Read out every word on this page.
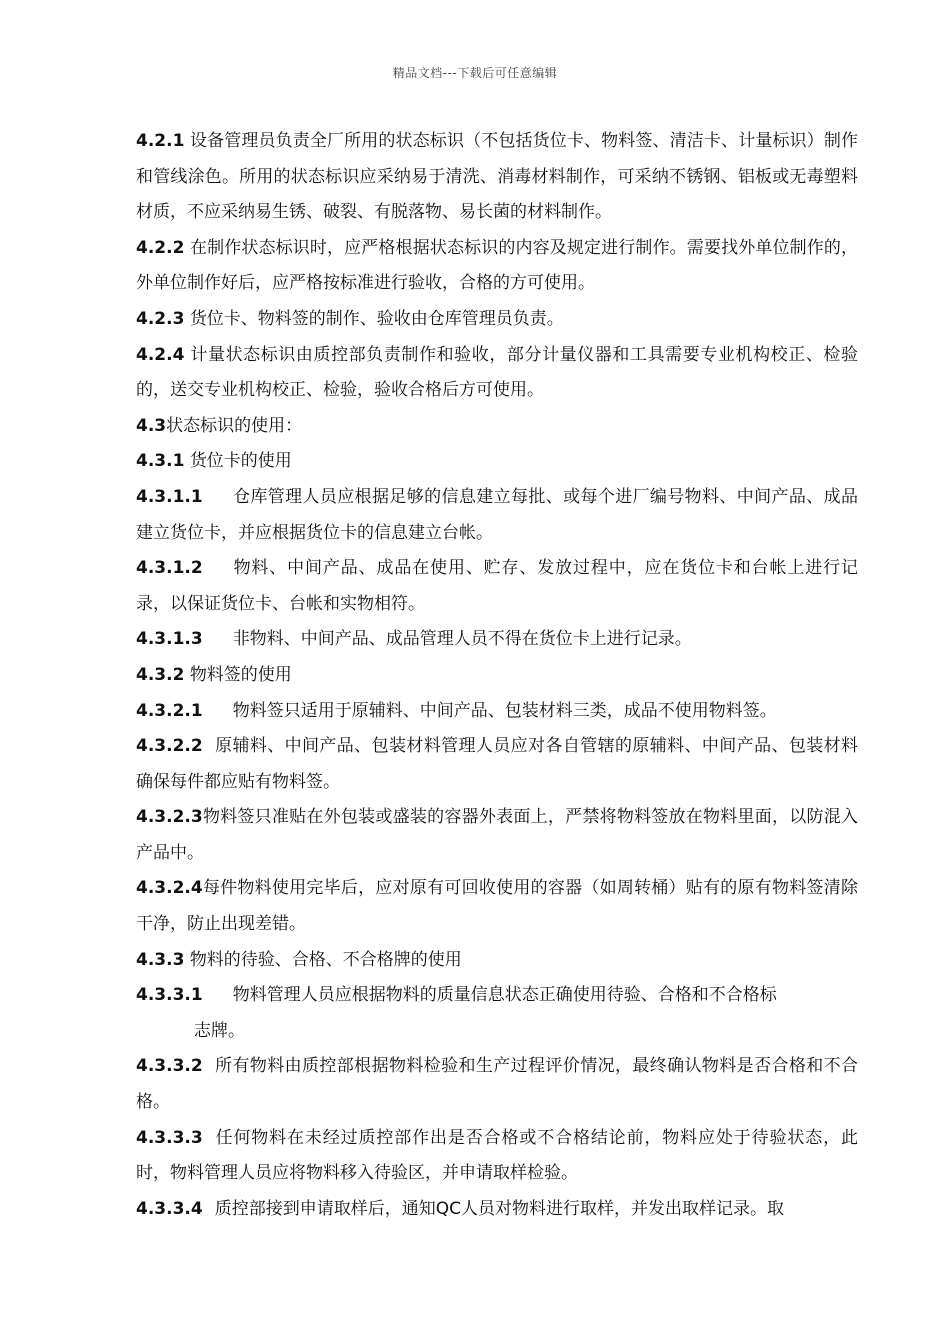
精品文档---下载后可任意编辑

4.2.1 设备管理员负责全厂所用的状态标识（不包括货位卡、物料签、清洁卡、计量标识）制作和管线涂色。所用的状态标识应采纳易于清洗、消毒材料制作，可采纳不锈钢、铝板或无毒塑料材质，不应采纳易生锈、破裂、有脱落物、易长菌的材料制作。

4.2.2 在制作状态标识时，应严格根据状态标识的内容及规定进行制作。需要找外单位制作的，外单位制作好后，应严格按标准进行验收，合格的方可使用。

4.2.3 货位卡、物料签的制作、验收由仓库管理员负责。

4.2.4 计量状态标识由质控部负责制作和验收，部分计量仪器和工具需要专业机构校正、检验的，送交专业机构校正、检验，验收合格后方可使用。

4.3状态标识的使用：

4.3.1 货位卡的使用

4.3.1.1 仓库管理人员应根据足够的信息建立每批、或每个进厂编号物料、中间产品、成品建立货位卡，并应根据货位卡的信息建立台帐。

4.3.1.2 物料、中间产品、成品在使用、贮存、发放过程中，应在货位卡和台帐上进行记录，以保证货位卡、台帐和实物相符。

4.3.1.3 非物料、中间产品、成品管理人员不得在货位卡上进行记录。

4.3.2 物料签的使用

4.3.2.1 物料签只适用于原辅料、中间产品、包装材料三类，成品不使用物料签。

4.3.2.2 原辅料、中间产品、包装材料管理人员应对各自管辖的原辅料、中间产品、包装材料确保每件都应贴有物料签。

4.3.2.3物料签只准贴在外包装或盛装的容器外表面上，严禁将物料签放在物料里面，以防混入产品中。

4.3.2.4每件物料使用完毕后，应对原有可回收使用的容器（如周转桶）贴有的原有物料签清除干净，防止出现差错。

4.3.3 物料的待验、合格、不合格牌的使用

4.3.3.1 物料管理人员应根据物料的质量信息状态正确使用待验、合格和不合格标

志牌。

4.3.3.2 所有物料由质控部根据物料检验和生产过程评价情况，最终确认物料是否合格和不合格。

4.3.3.3 任何物料在未经过质控部作出是否合格或不合格结论前，物料应处于待验状态，此时，物料管理人员应将物料移入待验区，并申请取样检验。

4.3.3.4 质控部接到申请取样后，通知QC人员对物料进行取样，并发出取样记录。取
